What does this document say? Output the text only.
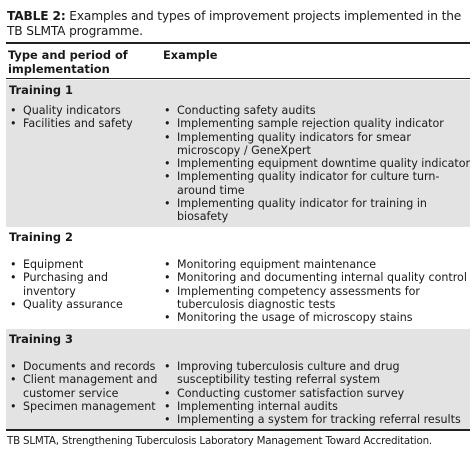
TABLE 2: Examples and types of improvement projects implemented in the TB SLMTA programme.
Type and period of implementation
Example
Training 1
• Quality indicators
• Facilities and safety
• Conducting safety audits
• Implementing sample rejection quality indicator
• Implementing quality indicators for smear microscopy / GeneXpert
• Implementing equipment downtime quality indicator
• Implementing quality indicator for culture turn-around time
• Implementing quality indicator for training in biosafety
Training 2
• Equipment
• Purchasing and inventory
• Quality assurance
• Monitoring equipment maintenance
• Monitoring and documenting internal quality control
• Implementing competency assessments for tuberculosis diagnostic tests
• Monitoring the usage of microscopy stains
Training 3
• Documents and records
• Client management and customer service
• Specimen management
• Improving tuberculosis culture and drug susceptibility testing referral system
• Conducting customer satisfaction survey
• Implementing internal audits
• Implementing a system for tracking referral results
TB SLMTA, Strengthening Tuberculosis Laboratory Management Toward Accreditation.
